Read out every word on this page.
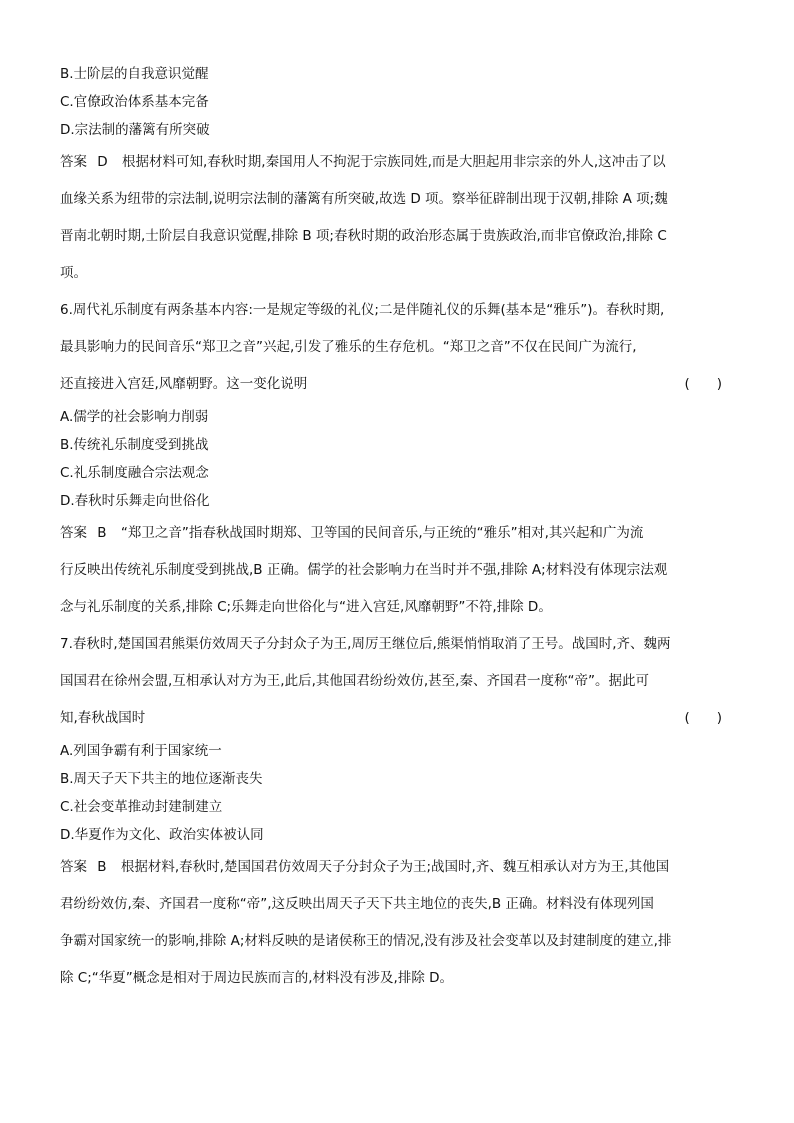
B.士阶层的自我意识觉醒
C.官僚政治体系基本完备
D.宗法制的藩篱有所突破
答案 D 根据材料可知,春秋时期,秦国用人不拘泥于宗族同姓,而是大胆起用非宗亲的外人,这冲击了以
血缘关系为纽带的宗法制,说明宗法制的藩篱有所突破,故选 D 项。察举征辟制出现于汉朝,排除 A 项;魏
晋南北朝时期,士阶层自我意识觉醒,排除 B 项;春秋时期的政治形态属于贵族政治,而非官僚政治,排除 C
项。
6.周代礼乐制度有两条基本内容:一是规定等级的礼仪;二是伴随礼仪的乐舞(基本是“雅乐”)。春秋时期,
最具影响力的民间音乐“郑卫之音”兴起,引发了雅乐的生存危机。“郑卫之音”不仅在民间广为流行,
还直接进入宫廷,风靡朝野。这一变化说明	(　　)
A.儒学的社会影响力削弱
B.传统礼乐制度受到挑战
C.礼乐制度融合宗法观念
D.春秋时乐舞走向世俗化
答案 B “郑卫之音”指春秋战国时期郑、卫等国的民间音乐,与正统的“雅乐”相对,其兴起和广为流
行反映出传统礼乐制度受到挑战,B 正确。儒学的社会影响力在当时并不强,排除 A;材料没有体现宗法观
念与礼乐制度的关系,排除 C;乐舞走向世俗化与“进入宫廷,风靡朝野”不符,排除 D。
7.春秋时,楚国国君熊渠仿效周天子分封众子为王,周厉王继位后,熊渠悄悄取消了王号。战国时,齐、魏两
国国君在徐州会盟,互相承认对方为王,此后,其他国君纷纷效仿,甚至,秦、齐国君一度称“帝”。据此可
知,春秋战国时	(　　)
A.列国争霸有利于国家统一
B.周天子天下共主的地位逐渐丧失
C.社会变革推动封建制建立
D.华夏作为文化、政治实体被认同
答案 B 根据材料,春秋时,楚国国君仿效周天子分封众子为王;战国时,齐、魏互相承认对方为王,其他国
君纷纷效仿,秦、齐国君一度称“帝”,这反映出周天子天下共主地位的丧失,B 正确。材料没有体现列国
争霸对国家统一的影响,排除 A;材料反映的是诸侯称王的情况,没有涉及社会变革以及封建制度的建立,排
除 C;“华夏”概念是相对于周边民族而言的,材料没有涉及,排除 D。
